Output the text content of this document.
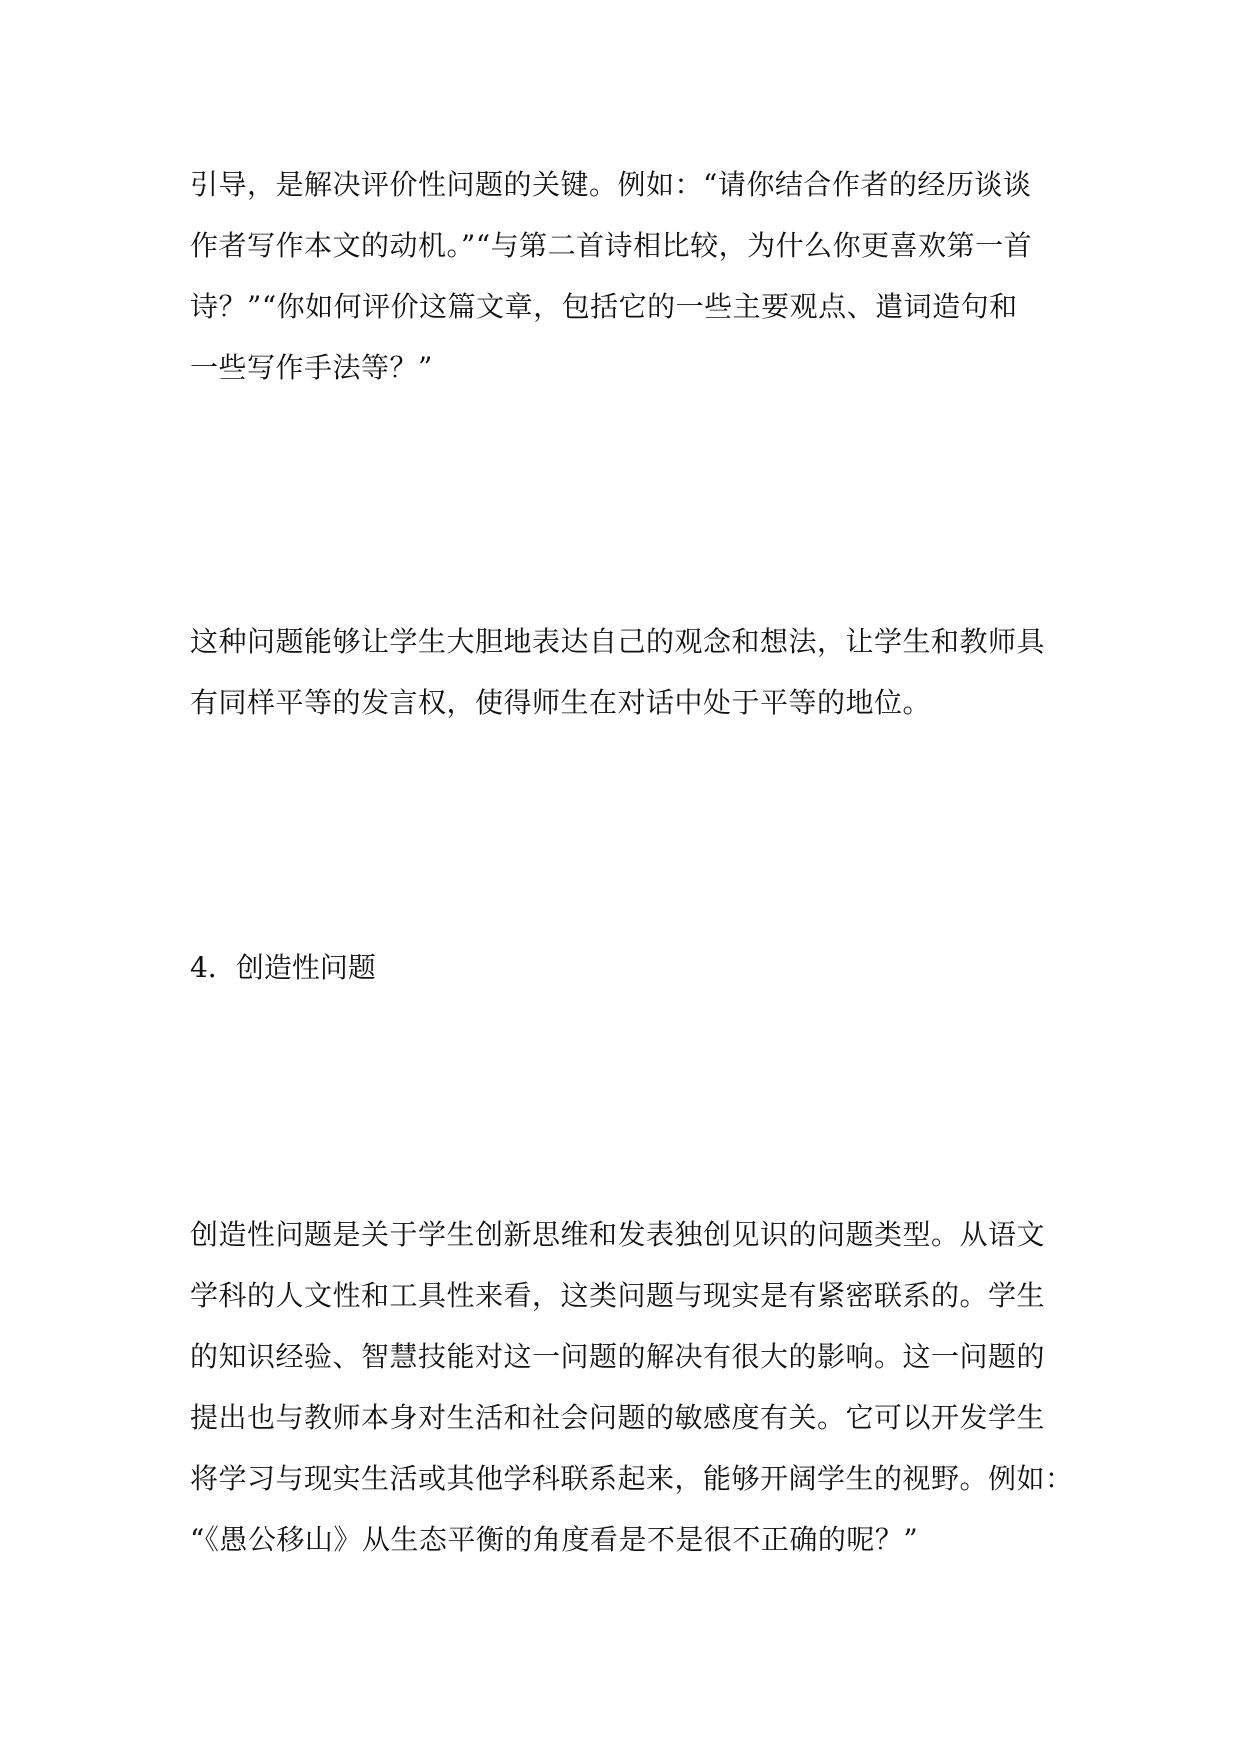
引导，是解决评价性问题的关键。例如：“请你结合作者的经历谈谈
作者写作本文的动机。”“与第二首诗相比较，为什么你更喜欢第一首
诗？”“你如何评价这篇文章，包括它的一些主要观点、遣词造句和
一些写作手法等？”

这种问题能够让学生大胆地表达自己的观念和想法，让学生和教师具
有同样平等的发言权，使得师生在对话中处于平等的地位。

4．创造性问题

创造性问题是关于学生创新思维和发表独创见识的问题类型。从语文
学科的人文性和工具性来看，这类问题与现实是有紧密联系的。学生
的知识经验、智慧技能对这一问题的解决有很大的影响。这一问题的
提出也与教师本身对生活和社会问题的敏感度有关。它可以开发学生
将学习与现实生活或其他学科联系起来，能够开阔学生的视野。例如：
“《愚公移山》从生态平衡的角度看是不是很不正确的呢？”
